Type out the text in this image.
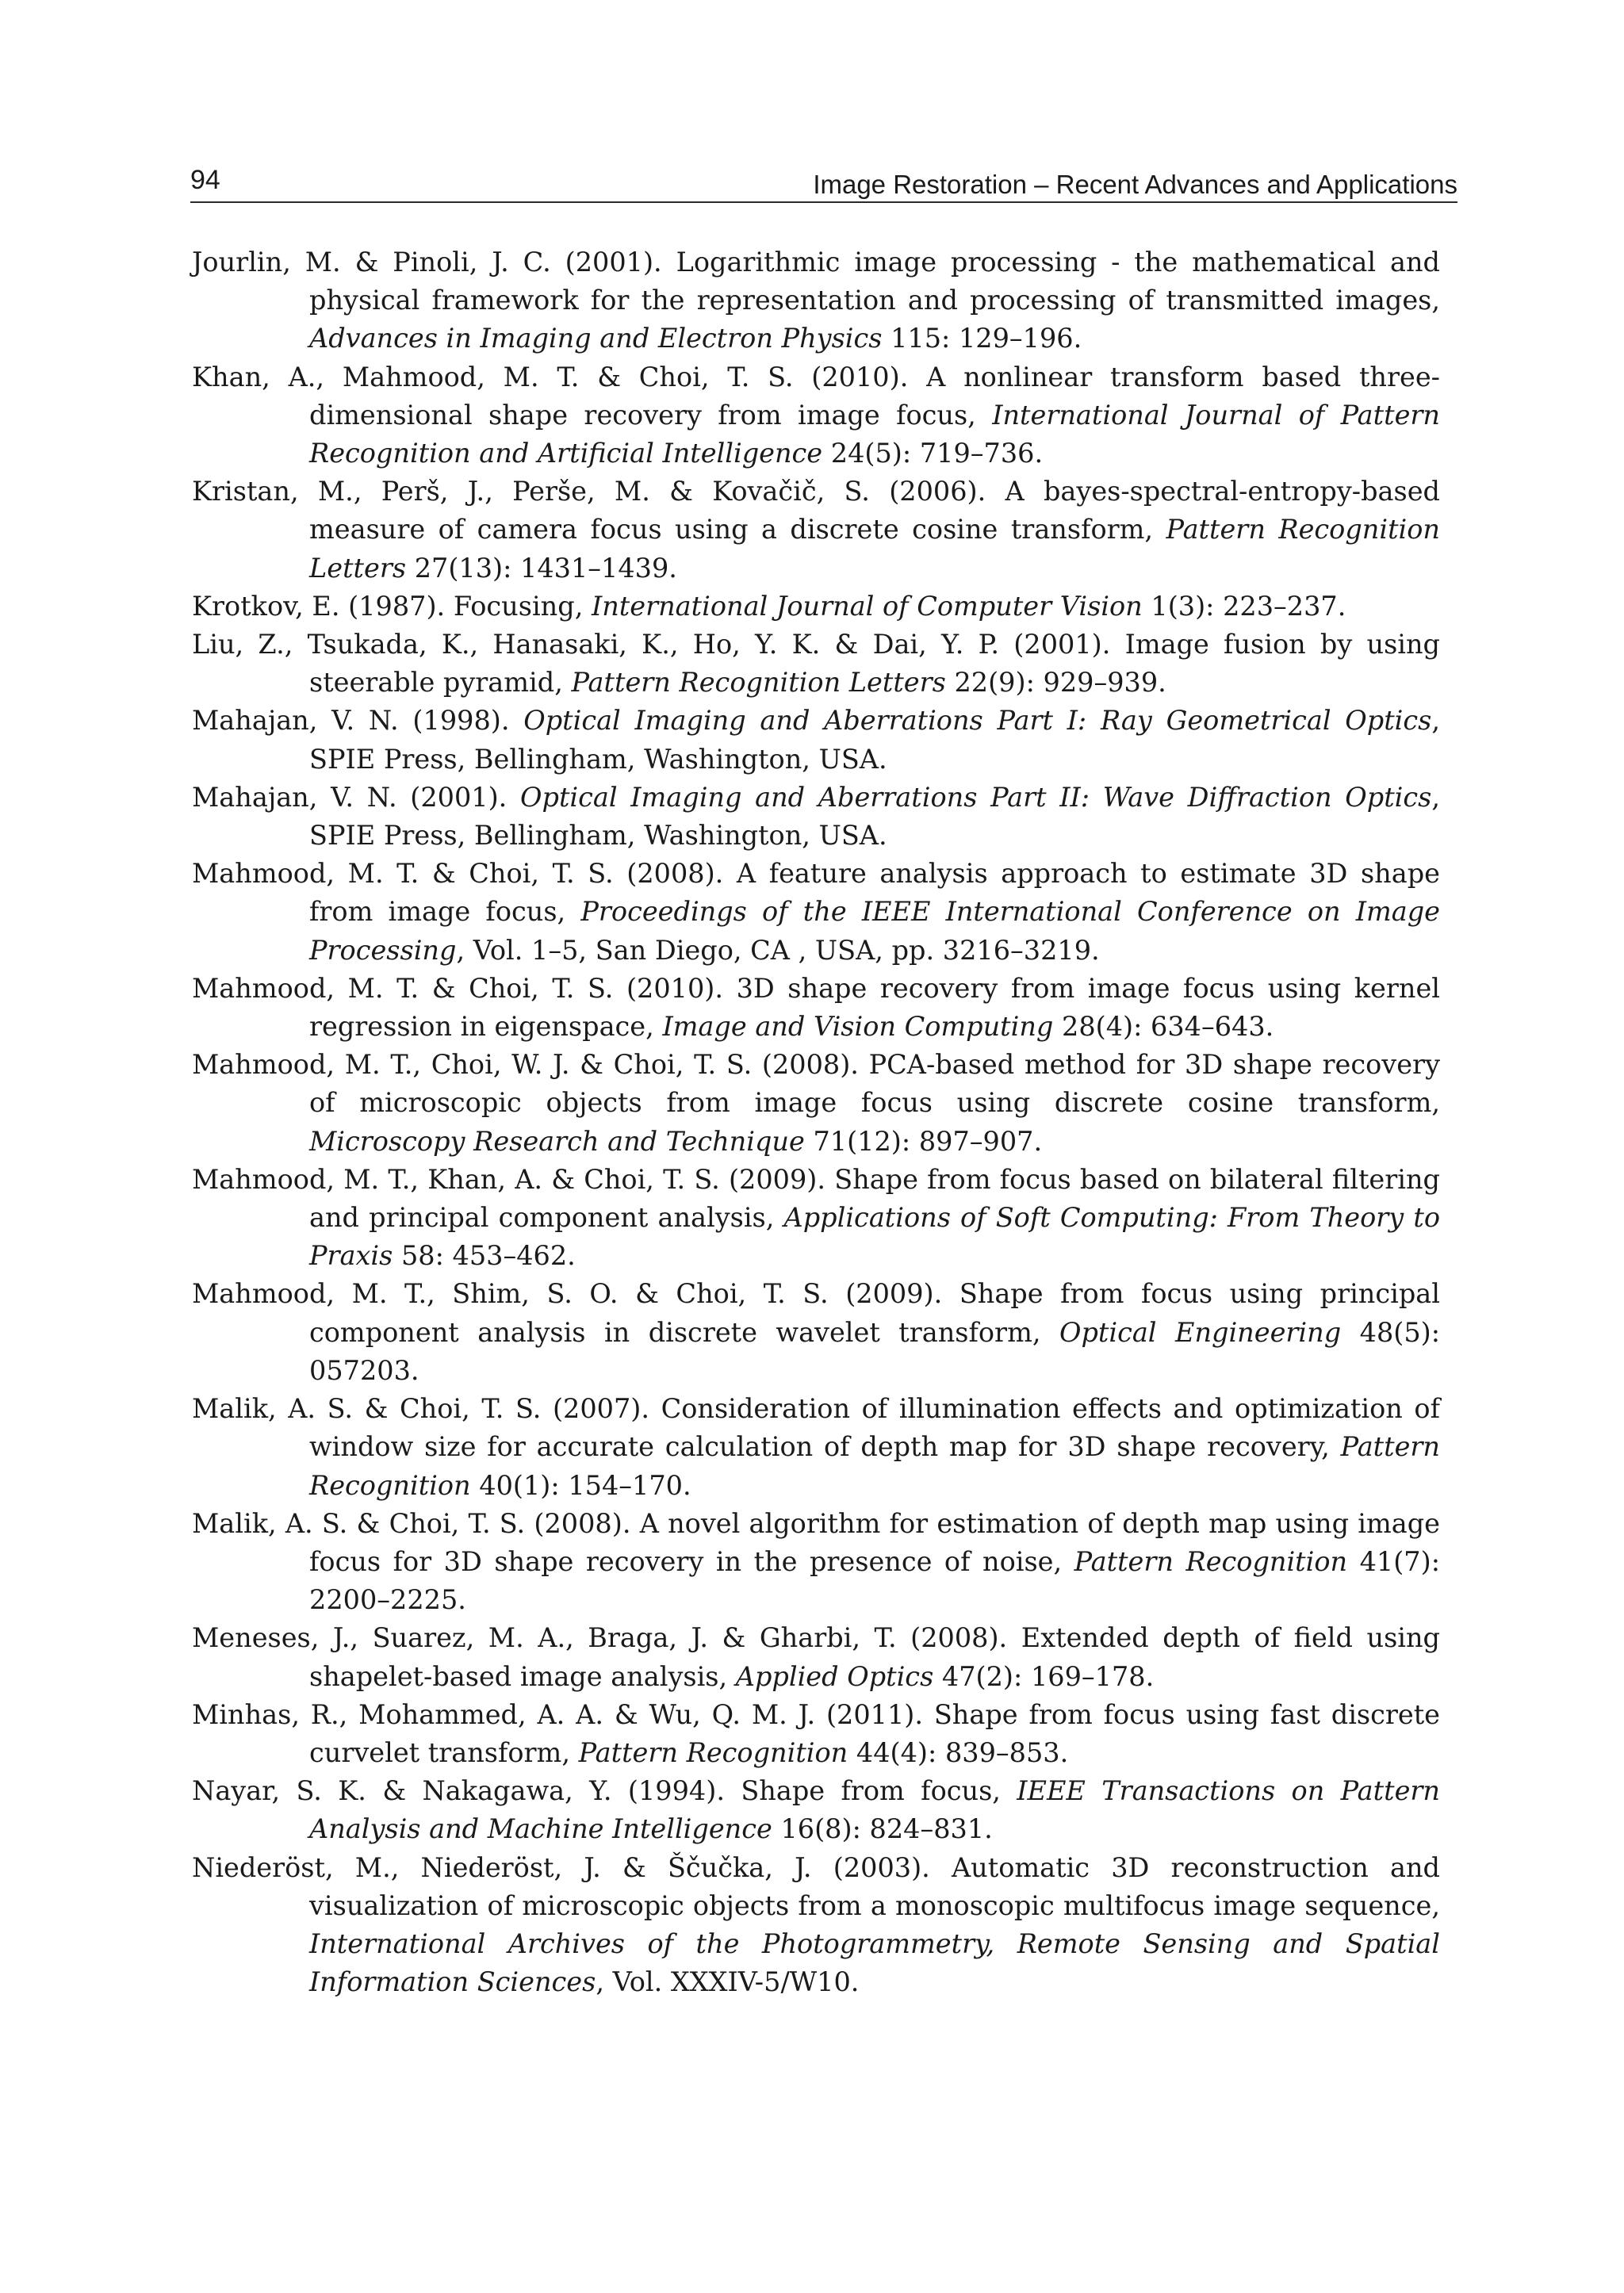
94	Image Restoration – Recent Advances and Applications
Jourlin, M. & Pinoli, J. C. (2001). Logarithmic image processing - the mathematical and physical framework for the representation and processing of transmitted images, Advances in Imaging and Electron Physics 115: 129–196.
Khan, A., Mahmood, M. T. & Choi, T. S. (2010). A nonlinear transform based three-dimensional shape recovery from image focus, International Journal of Pattern Recognition and Artificial Intelligence 24(5): 719–736.
Kristan, M., Perš, J., Perše, M. & Kovačič, S. (2006). A bayes-spectral-entropy-based measure of camera focus using a discrete cosine transform, Pattern Recognition Letters 27(13): 1431–1439.
Krotkov, E. (1987). Focusing, International Journal of Computer Vision 1(3): 223–237.
Liu, Z., Tsukada, K., Hanasaki, K., Ho, Y. K. & Dai, Y. P. (2001). Image fusion by using steerable pyramid, Pattern Recognition Letters 22(9): 929–939.
Mahajan, V. N. (1998). Optical Imaging and Aberrations Part I: Ray Geometrical Optics, SPIE Press, Bellingham, Washington, USA.
Mahajan, V. N. (2001). Optical Imaging and Aberrations Part II: Wave Diffraction Optics, SPIE Press, Bellingham, Washington, USA.
Mahmood, M. T. & Choi, T. S. (2008). A feature analysis approach to estimate 3D shape from image focus, Proceedings of the IEEE International Conference on Image Processing, Vol. 1–5, San Diego, CA , USA, pp. 3216–3219.
Mahmood, M. T. & Choi, T. S. (2010). 3D shape recovery from image focus using kernel regression in eigenspace, Image and Vision Computing 28(4): 634–643.
Mahmood, M. T., Choi, W. J. & Choi, T. S. (2008). PCA-based method for 3D shape recovery of microscopic objects from image focus using discrete cosine transform, Microscopy Research and Technique 71(12): 897–907.
Mahmood, M. T., Khan, A. & Choi, T. S. (2009). Shape from focus based on bilateral filtering and principal component analysis, Applications of Soft Computing: From Theory to Praxis 58: 453–462.
Mahmood, M. T., Shim, S. O. & Choi, T. S. (2009). Shape from focus using principal component analysis in discrete wavelet transform, Optical Engineering 48(5): 057203.
Malik, A. S. & Choi, T. S. (2007). Consideration of illumination effects and optimization of window size for accurate calculation of depth map for 3D shape recovery, Pattern Recognition 40(1): 154–170.
Malik, A. S. & Choi, T. S. (2008). A novel algorithm for estimation of depth map using image focus for 3D shape recovery in the presence of noise, Pattern Recognition 41(7): 2200–2225.
Meneses, J., Suarez, M. A., Braga, J. & Gharbi, T. (2008). Extended depth of field using shapelet-based image analysis, Applied Optics 47(2): 169–178.
Minhas, R., Mohammed, A. A. & Wu, Q. M. J. (2011). Shape from focus using fast discrete curvelet transform, Pattern Recognition 44(4): 839–853.
Nayar, S. K. & Nakagawa, Y. (1994). Shape from focus, IEEE Transactions on Pattern Analysis and Machine Intelligence 16(8): 824–831.
Niederöst, M., Niederöst, J. & Ščučka, J. (2003). Automatic 3D reconstruction and visualization of microscopic objects from a monoscopic multifocus image sequence, International Archives of the Photogrammetry, Remote Sensing and Spatial Information Sciences, Vol. XXXIV-5/W10.
